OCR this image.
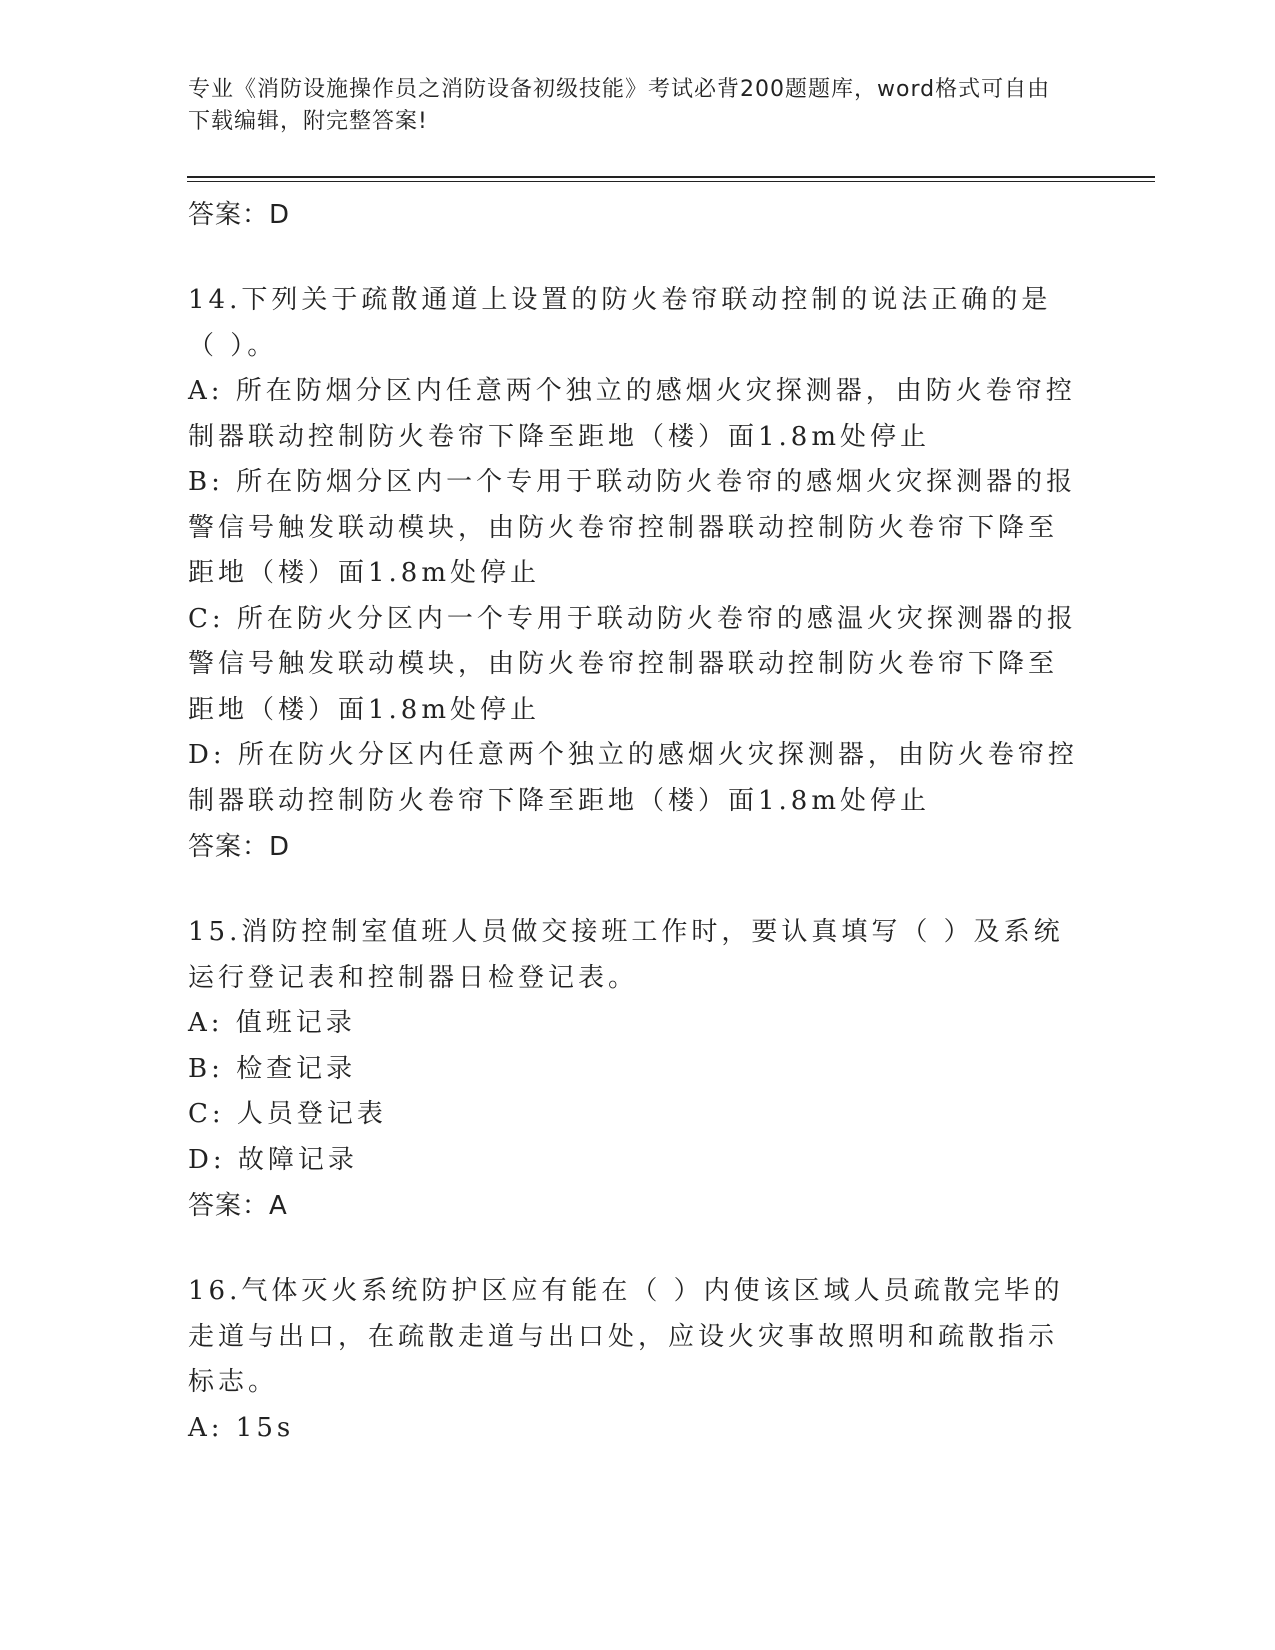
专业《消防设施操作员之消防设备初级技能》考试必背200题题库，word格式可自由下载编辑，附完整答案!

答案：D

14.下列关于疏散通道上设置的防火卷帘联动控制的说法正确的是（ ）。

A: 所在防烟分区内任意两个独立的感烟火灾探测器，由防火卷帘控制器联动控制防火卷帘下降至距地（楼）面1.8m处停止

B: 所在防烟分区内一个专用于联动防火卷帘的感烟火灾探测器的报警信号触发联动模块，由防火卷帘控制器联动控制防火卷帘下降至距地（楼）面1.8m处停止

C: 所在防火分区内一个专用于联动防火卷帘的感温火灾探测器的报警信号触发联动模块，由防火卷帘控制器联动控制防火卷帘下降至距地（楼）面1.8m处停止

D: 所在防火分区内任意两个独立的感烟火灾探测器，由防火卷帘控制器联动控制防火卷帘下降至距地（楼）面1.8m处停止

答案：D

15.消防控制室值班人员做交接班工作时，要认真填写（ ）及系统运行登记表和控制器日检登记表。

A: 值班记录

B: 检查记录

C: 人员登记表

D: 故障记录

答案：A

16.气体灭火系统防护区应有能在（ ）内使该区域人员疏散完毕的走道与出口，在疏散走道与出口处，应设火灾事故照明和疏散指示标志。

A: 15s
